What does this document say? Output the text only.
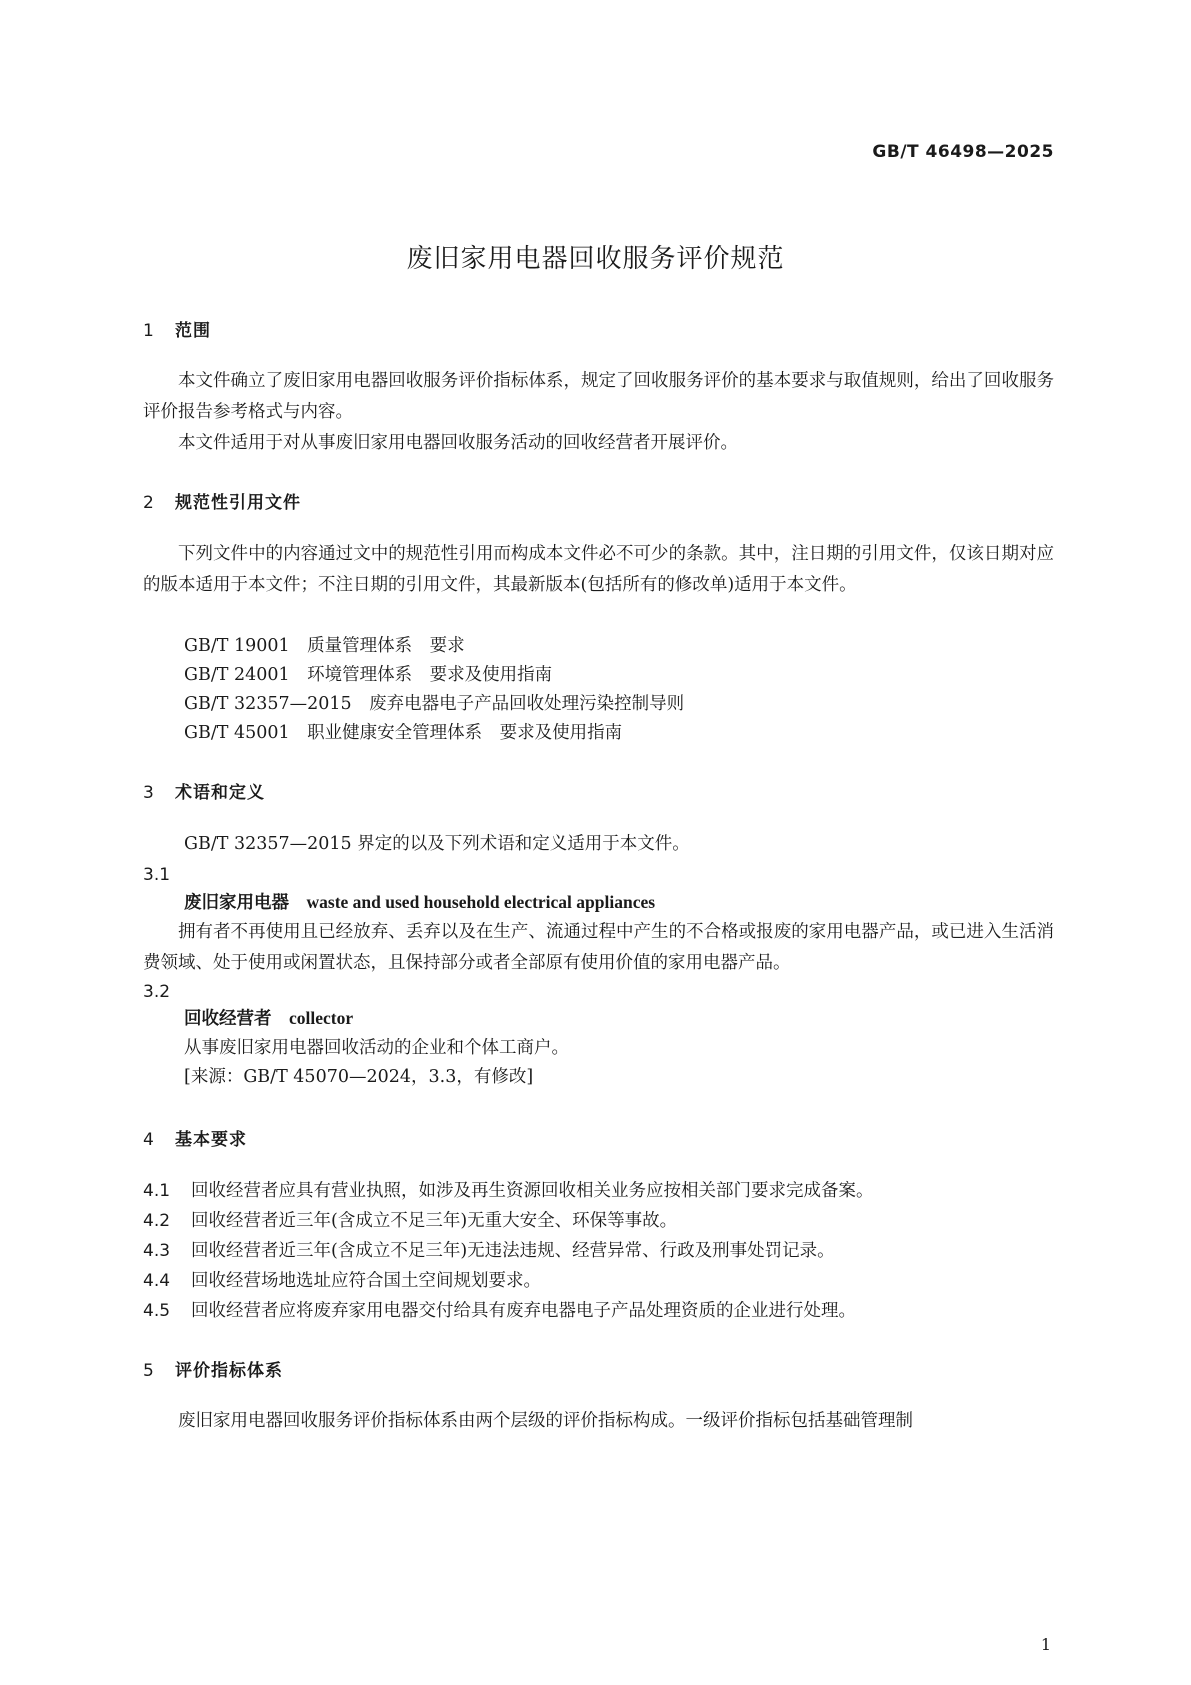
GB/T 46498—2025
废旧家用电器回收服务评价规范
1 范围
本文件确立了废旧家用电器回收服务评价指标体系，规定了回收服务评价的基本要求与取值规则，给出了回收服务评价报告参考格式与内容。
本文件适用于对从事废旧家用电器回收服务活动的回收经营者开展评价。
2 规范性引用文件
下列文件中的内容通过文中的规范性引用而构成本文件必不可少的条款。其中，注日期的引用文件，仅该日期对应的版本适用于本文件；不注日期的引用文件，其最新版本(包括所有的修改单)适用于本文件。
GB/T 19001　质量管理体系　要求
GB/T 24001　环境管理体系　要求及使用指南
GB/T 32357—2015　废弃电器电子产品回收处理污染控制导则
GB/T 45001　职业健康安全管理体系　要求及使用指南
3 术语和定义
GB/T 32357—2015 界定的以及下列术语和定义适用于本文件。
3.1
废旧家用电器　 waste and used household electrical appliances
拥有者不再使用且已经放弃、丢弃以及在生产、流通过程中产生的不合格或报废的家用电器产品，或已进入生活消费领域、处于使用或闲置状态，且保持部分或者全部原有使用价值的家用电器产品。
3.2
回收经营者　 collector
从事废旧家用电器回收活动的企业和个体工商户。
[来源：GB/T 45070—2024，3.3，有修改]
4 基本要求
4.1 回收经营者应具有营业执照，如涉及再生资源回收相关业务应按相关部门要求完成备案。
4.2 回收经营者近三年(含成立不足三年)无重大安全、环保等事故。
4.3 回收经营者近三年(含成立不足三年)无违法违规、经营异常、行政及刑事处罚记录。
4.4 回收经营场地选址应符合国土空间规划要求。
4.5 回收经营者应将废弃家用电器交付给具有废弃电器电子产品处理资质的企业进行处理。
5 评价指标体系
废旧家用电器回收服务评价指标体系由两个层级的评价指标构成。一级评价指标包括基础管理制
1
